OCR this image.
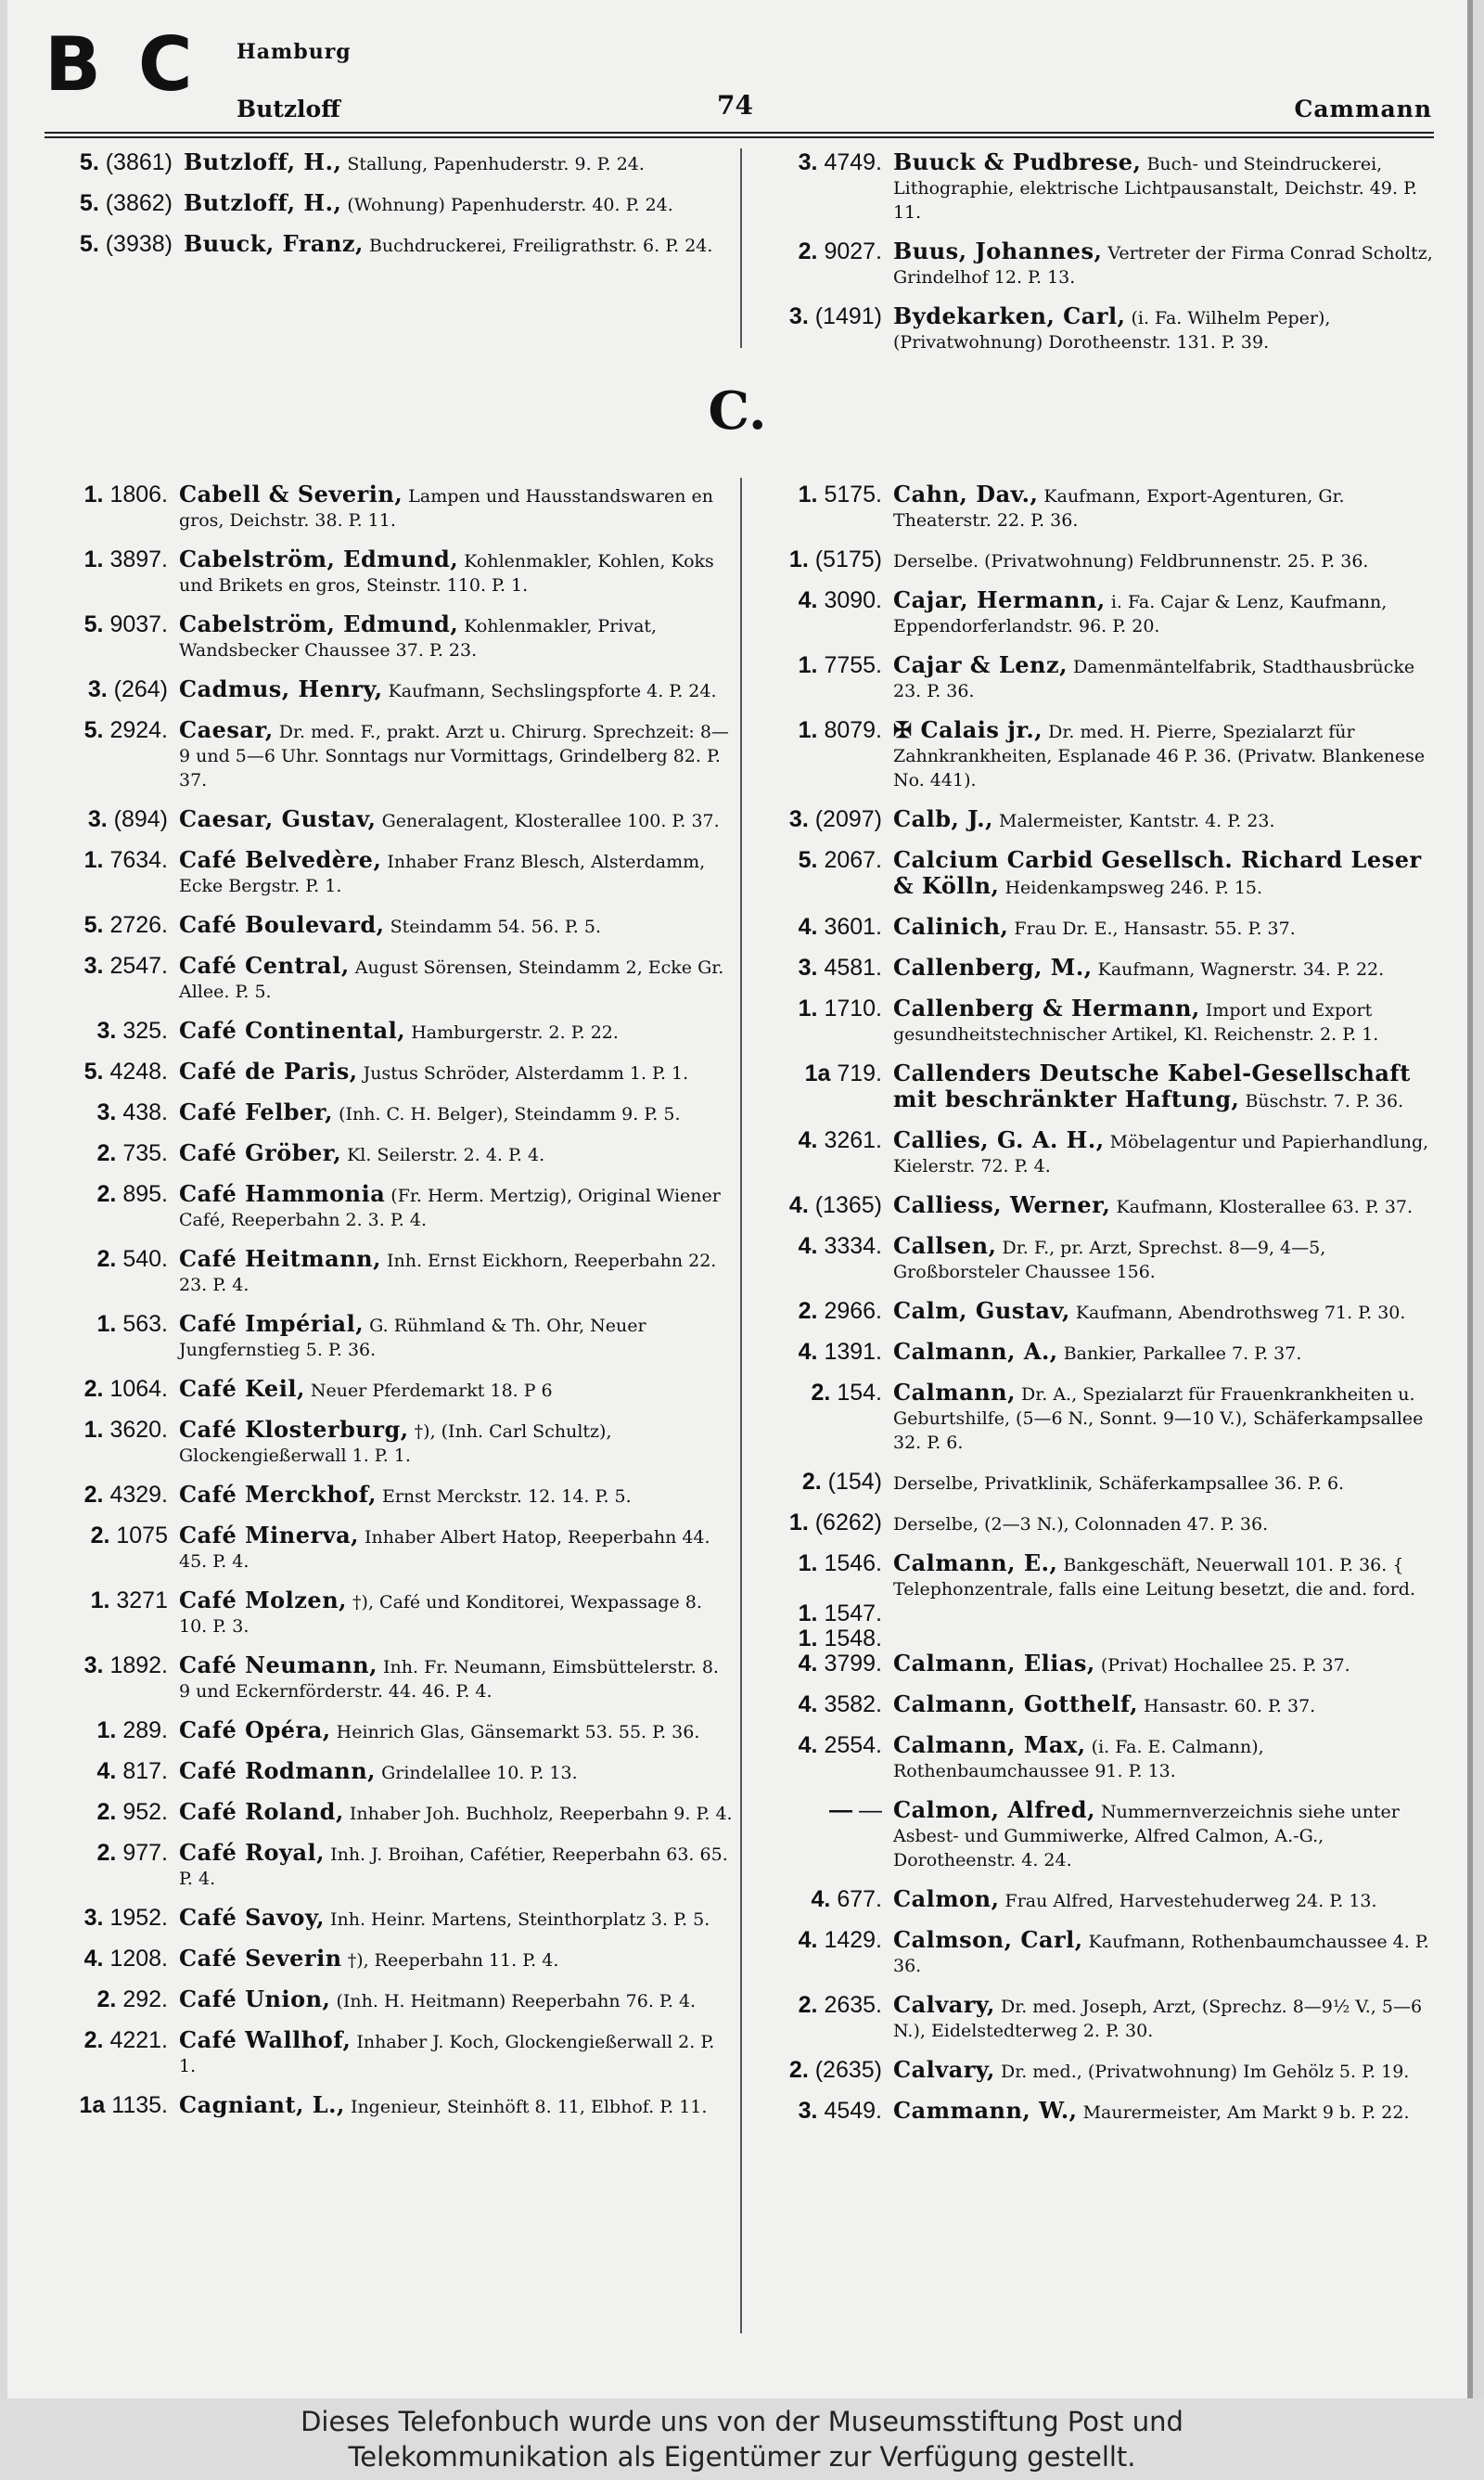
B C Hamburg
Butzloff	74	Cammann
5. (3861) Butzloff, H., Stallung, Papenhuderstr. 9. P. 24.
5. (3862) Butzloff, H., (Wohnung) Papenhuderstr. 40. P. 24.
5. (3938) Buuck, Franz, Buchdruckerei, Freiligrathstr. 6. P. 24.
3. 4749. Buuck & Pudbrese, Buch- und Steindruckerei, Lithographie, elektrische Lichtpausanstalt, Deichstr. 49. P. 11.
2. 9027. Buus, Johannes, Vertreter der Firma Conrad Scholtz, Grindelhof 12. P. 13.
3. (1491) Bydekarken, Carl, (i. Fa. Wilhelm Peper), (Privatwohnung) Dorotheenstr. 131. P. 39.
C.
1. 1806. Cabell & Severin, Lampen und Hausstandswaren en gros, Deichstr. 38. P. 11.
1. 3897. Cabelström, Edmund, Kohlenmakler, Kohlen, Koks und Brikets en gros, Steinstr. 110. P. 1.
5. 9037. Cabelström, Edmund, Kohlenmakler, Privat, Wandsbecker Chaussee 37. P. 23.
3. (264) Cadmus, Henry, Kaufmann, Sechslingspforte 4. P. 24.
5. 2924. Caesar, Dr. med. F., prakt. Arzt u. Chirurg. Sprechzeit: 8—9 und 5—6 Uhr. Sonntags nur Vormittags, Grindelberg 82. P. 37.
3. (894) Caesar, Gustav, Generalagent, Klosterallee 100. P. 37.
1. 7634. Café Belvedère, Inhaber Franz Blesch, Alsterdamm, Ecke Bergstr. P. 1.
5. 2726. Café Boulevard, Steindamm 54. 56. P. 5.
3. 2547. Café Central, August Sörensen, Steindamm 2, Ecke Gr. Allee. P. 5.
3. 325. Café Continental, Hamburgerstr. 2. P. 22.
5. 4248. Café de Paris, Justus Schröder, Alsterdamm 1. P. 1.
3. 438. Café Felber, (Inh. C. H. Belger), Steindamm 9. P. 5.
2. 735. Café Gröber, Kl. Seilerstr. 2. 4. P. 4.
2. 895. Café Hammonia (Fr. Herm. Mertzig), Original Wiener Café, Reeperbahn 2. 3. P. 4.
2. 540. Café Heitmann, Inh. Ernst Eickhorn, Reeperbahn 22. 23. P. 4.
1. 563. Café Impérial, G. Rühmland & Th. Ohr, Neuer Jungfernstieg 5. P. 36.
2. 1064. Café Keil, Neuer Pferdemarkt 18. P 6
1. 3620. Café Klosterburg, †), (Inh. Carl Schultz), Glockengießerwall 1. P. 1.
2. 4329. Café Merckhof, Ernst Merckstr. 12. 14. P. 5.
2. 1075 Café Minerva, Inhaber Albert Hatop, Reeperbahn 44. 45. P. 4.
1. 3271 Café Molzen, †), Café und Konditorei, Wexpassage 8. 10. P. 3.
3. 1892. Café Neumann, Inh. Fr. Neumann, Eimsbüttelerstr. 8. 9 und Eckernförderstr. 44. 46. P. 4.
1. 289. Café Opéra, Heinrich Glas, Gänsemarkt 53. 55. P. 36.
4. 817. Café Rodmann, Grindelallee 10. P. 13.
2. 952. Café Roland, Inhaber Joh. Buchholz, Reeperbahn 9. P. 4.
2. 977. Café Royal, Inh. J. Broihan, Cafétier, Reeperbahn 63. 65. P. 4.
3. 1952. Café Savoy, Inh. Heinr. Martens, Steinthorplatz 3. P. 5.
4. 1208. Café Severin †), Reeperbahn 11. P. 4.
2. 292. Café Union, (Inh. H. Heitmann) Reeperbahn 76. P. 4.
2. 4221. Café Wallhof, Inhaber J. Koch, Glockengießerwall 2. P. 1.
1a 1135. Cagniant, L., Ingenieur, Steinhöft 8. 11, Elbhof. P. 11.
1. 5175. Cahn, Dav., Kaufmann, Export-Agenturen, Gr. Theaterstr. 22. P. 36.
1. (5175) Derselbe. (Privatwohnung) Feldbrunnenstr. 25. P. 36.
4. 3090. Cajar, Hermann, i. Fa. Cajar & Lenz, Kaufmann, Eppendorferlandstr. 96. P. 20.
1. 7755. Cajar & Lenz, Damenmäntelfabrik, Stadthausbrücke 23. P. 36.
1. 8079. ✠ Calais jr., Dr. med. H. Pierre, Spezialarzt für Zahnkrankheiten, Esplanade 46 P. 36. (Privatw. Blankenese No. 441).
3. (2097) Calb, J., Malermeister, Kantstr. 4. P. 23.
5. 2067. Calcium Carbid Gesellsch. Richard Leser & Kölln, Heidenkampsweg 246. P. 15.
4. 3601. Calinich, Frau Dr. E., Hansastr. 55. P. 37.
3. 4581. Callenberg, M., Kaufmann, Wagnerstr. 34. P. 22.
1. 1710. Callenberg & Hermann, Import und Export gesundheitstechnischer Artikel, Kl. Reichenstr. 2. P. 1.
1a 719. Callenders Deutsche Kabel-Gesellschaft mit beschränkter Haftung, Büschstr. 7. P. 36.
4. 3261. Callies, G. A. H., Möbelagentur und Papierhandlung, Kielerstr. 72. P. 4.
4. (1365) Calliess, Werner, Kaufmann, Klosterallee 63. P. 37.
4. 3334. Callsen, Dr. F., pr. Arzt, Sprechst. 8—9, 4—5, Großborsteler Chaussee 156.
2. 2966. Calm, Gustav, Kaufmann, Abendrothsweg 71. P. 30.
4. 1391. Calmann, A., Bankier, Parkallee 7. P. 37.
2. 154. Calmann, Dr. A., Spezialarzt für Frauenkrankheiten u. Geburtshilfe, (5—6 N., Sonnt. 9—10 V.), Schäferkampsallee 32. P. 6.
2. (154) Derselbe, Privatklinik, Schäferkampsallee 36. P. 6.
1. (6262) Derselbe, (2—3 N.), Colonnaden 47. P. 36.
1. 1546. Calmann, E., Bankgeschäft, Neuerwall 101. P. 36. { Telephonzentrale, falls eine Leitung besetzt, die and. ford.
1. 1547.
1. 1548.
4. 3799. Calmann, Elias, (Privat) Hochallee 25. P. 37.
4. 3582. Calmann, Gotthelf, Hansastr. 60. P. 37.
4. 2554. Calmann, Max, (i. Fa. E. Calmann), Rothenbaumchaussee 91. P. 13.
— — Calmon, Alfred, Nummernverzeichnis siehe unter Asbest- und Gummiwerke, Alfred Calmon, A.-G., Dorotheenstr. 4. 24.
4. 677. Calmon, Frau Alfred, Harvestehuderweg 24. P. 13.
4. 1429. Calmson, Carl, Kaufmann, Rothenbaumchaussee 4. P. 36.
2. 2635. Calvary, Dr. med. Joseph, Arzt, (Sprechz. 8—9½ V., 5—6 N.), Eidelstedterweg 2. P. 30.
2. (2635) Calvary, Dr. med., (Privatwohnung) Im Gehölz 5. P. 19.
3. 4549. Cammann, W., Maurermeister, Am Markt 9 b. P. 22.
Dieses Telefonbuch wurde uns von der Museumsstiftung Post und
Telekommunikation als Eigentümer zur Verfügung gestellt.
